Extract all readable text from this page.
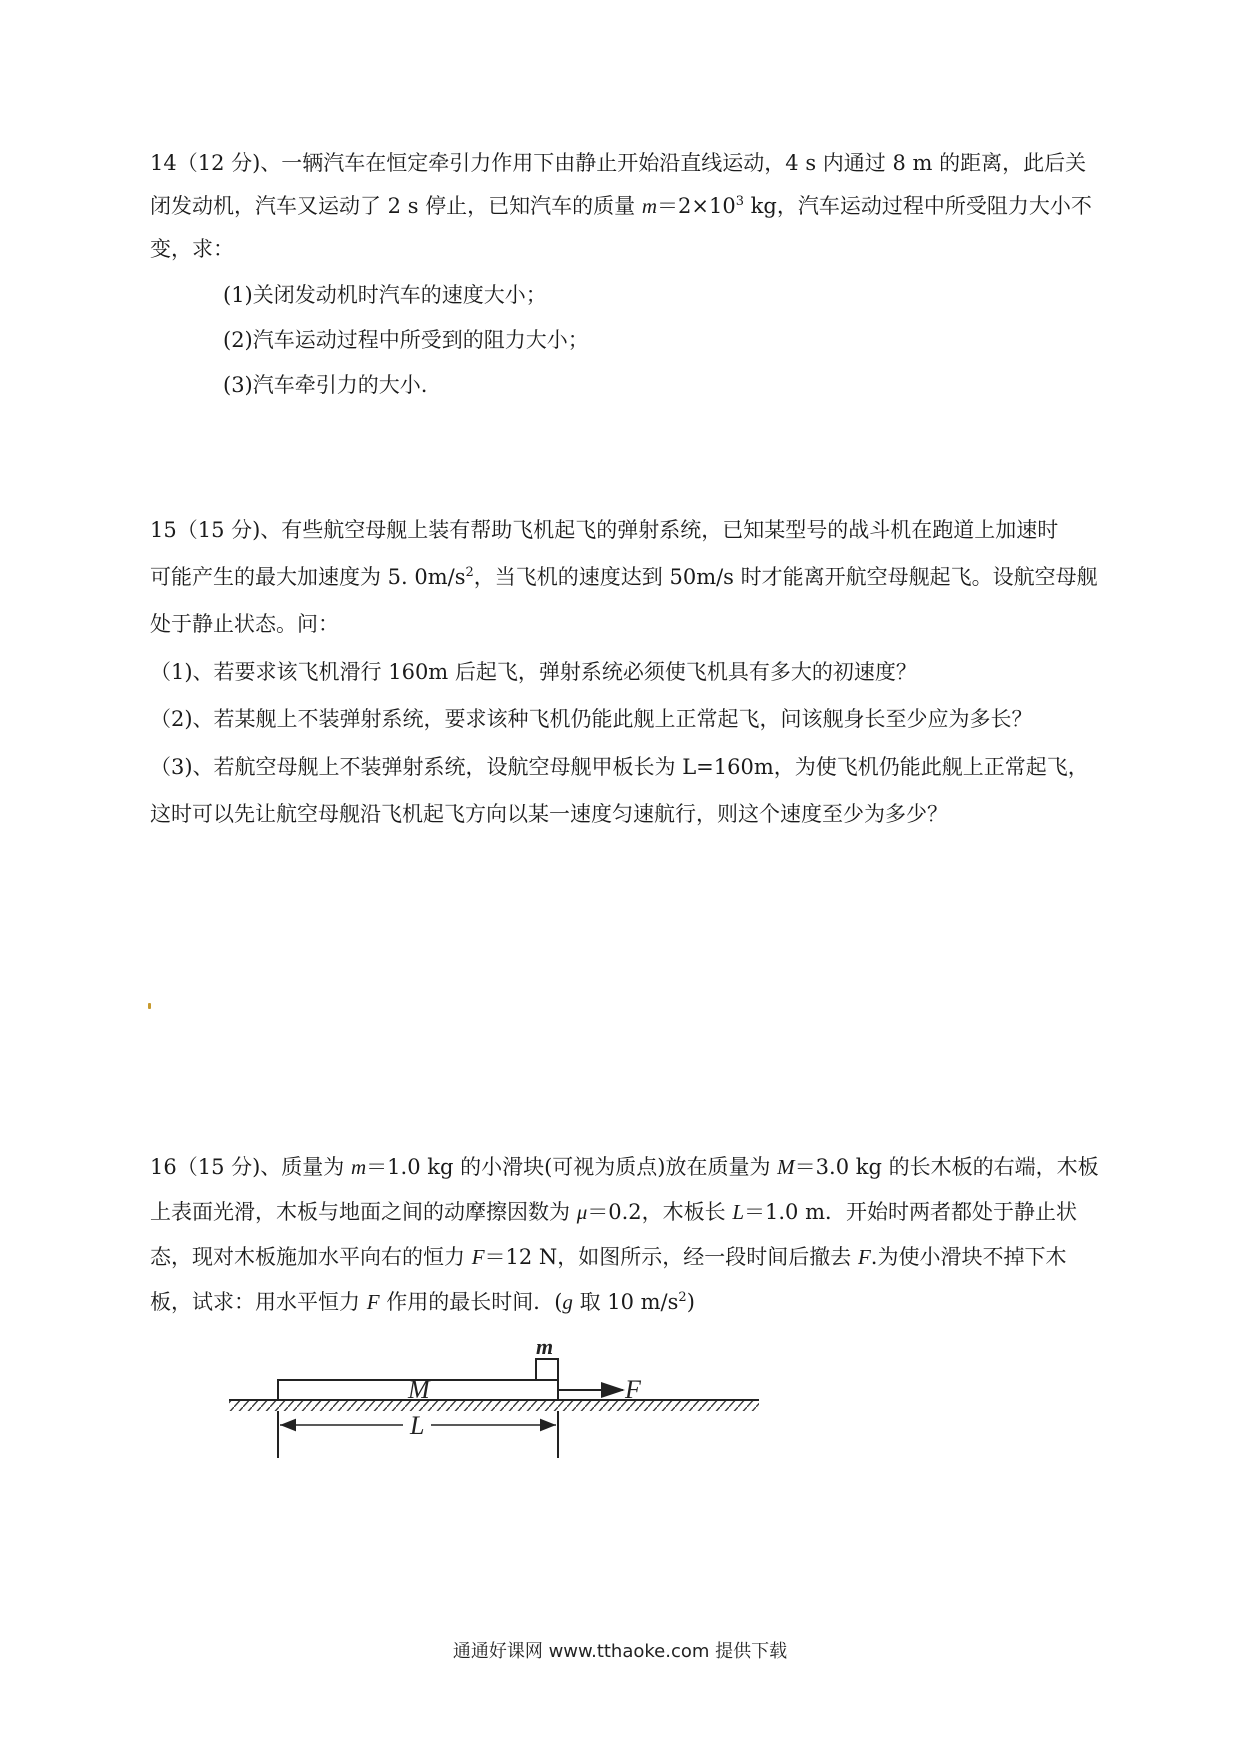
14（12 分)、一辆汽车在恒定牵引力作用下由静止开始沿直线运动，4 s 内通过 8 m 的距离，此后关
闭发动机，汽车又运动了 2 s 停止，已知汽车的质量 $m=2\times 10^3$ kg，汽车运动过程中所受阻力大小不
变，求：
(1)关闭发动机时汽车的速度大小；
(2)汽车运动过程中所受到的阻力大小；
(3)汽车牵引力的大小.
15（15 分)、有些航空母舰上装有帮助飞机起飞的弹射系统，已知某型号的战斗机在跑道上加速时
可能产生的最大加速度为 5. $0m/s^2$，当飞机的速度达到 50m/s 时才能离开航空母舰起飞。设航空母舰
处于静止状态。问：
（1)、若要求该飞机滑行 160m 后起飞，弹射系统必须使飞机具有多大的初速度？
（2)、若某舰上不装弹射系统，要求该种飞机仍能此舰上正常起飞，问该舰身长至少应为多长？
（3)、若航空母舰上不装弹射系统，设航空母舰甲板长为 L=160m，为使飞机仍能此舰上正常起飞，
这时可以先让航空母舰沿飞机起飞方向以某一速度匀速航行，则这个速度至少为多少？
16（15 分)、质量为 m＝1.0 kg 的小滑块(可视为质点)放在质量为 M＝3.0 kg 的长木板的右端，木板
上表面光滑，木板与地面之间的动摩擦因数为 μ＝0.2，木板长 L＝1.0 m．开始时两者都处于静止状
态，现对木板施加水平向右的恒力 F＝12 N，如图所示，经一段时间后撤去 F.为使小滑块不掉下木
板，试求：用水平恒力 F 作用的最长时间．(g 取 10 $m/s^2$)
M
m
F
L
通通好课网 www.tthaoke.com 提供下载
